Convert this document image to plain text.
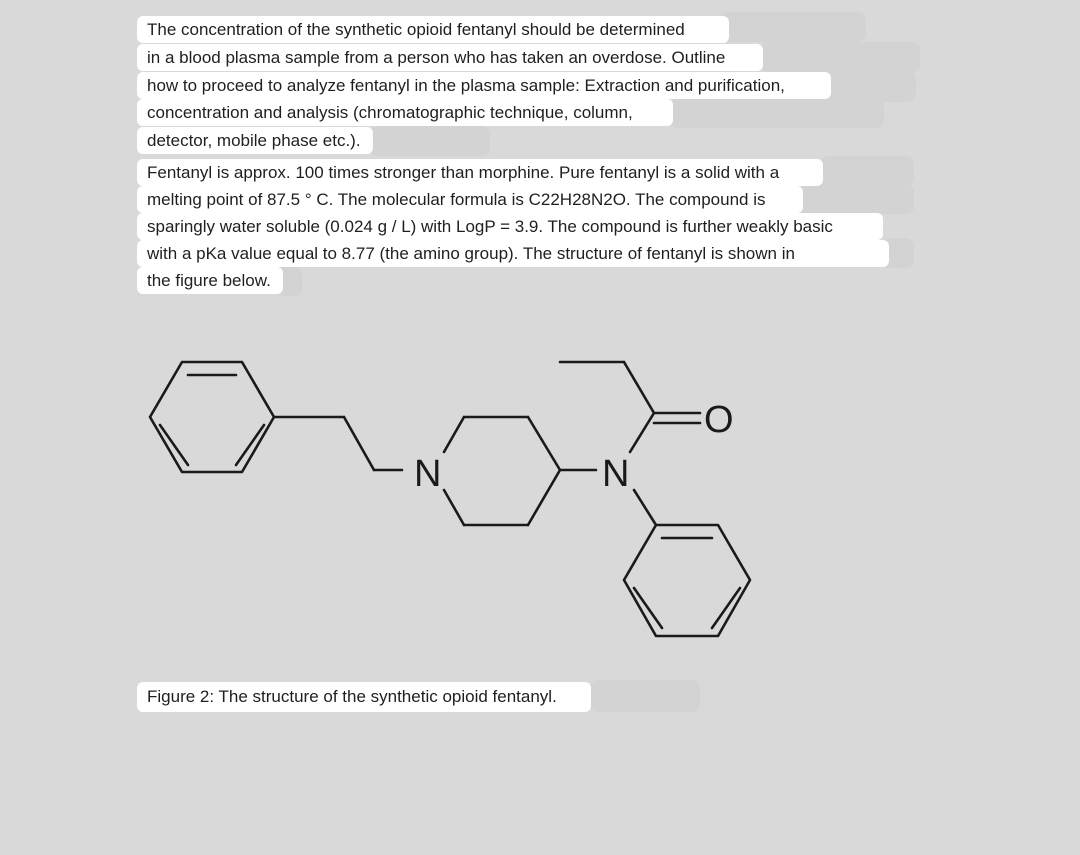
The concentration of the synthetic opioid fentanyl should be determined
in a blood plasma sample from a person who has taken an overdose. Outline
how to proceed to analyze fentanyl in the plasma sample: Extraction and purification,
concentration and analysis (chromatographic technique, column,
detector, mobile phase etc.).
Fentanyl is approx. 100 times stronger than morphine. Pure fentanyl is a solid with a
melting point of 87.5 ° C. The molecular formula is C22H28N2O. The compound is
sparingly water soluble (0.024 g / L) with LogP = 3.9. The compound is further weakly basic
with a pKa value equal to 8.77 (the amino group). The structure of fentanyl is shown in
the figure below.
N	N
O
Figure 2: The structure of the synthetic opioid fentanyl.
